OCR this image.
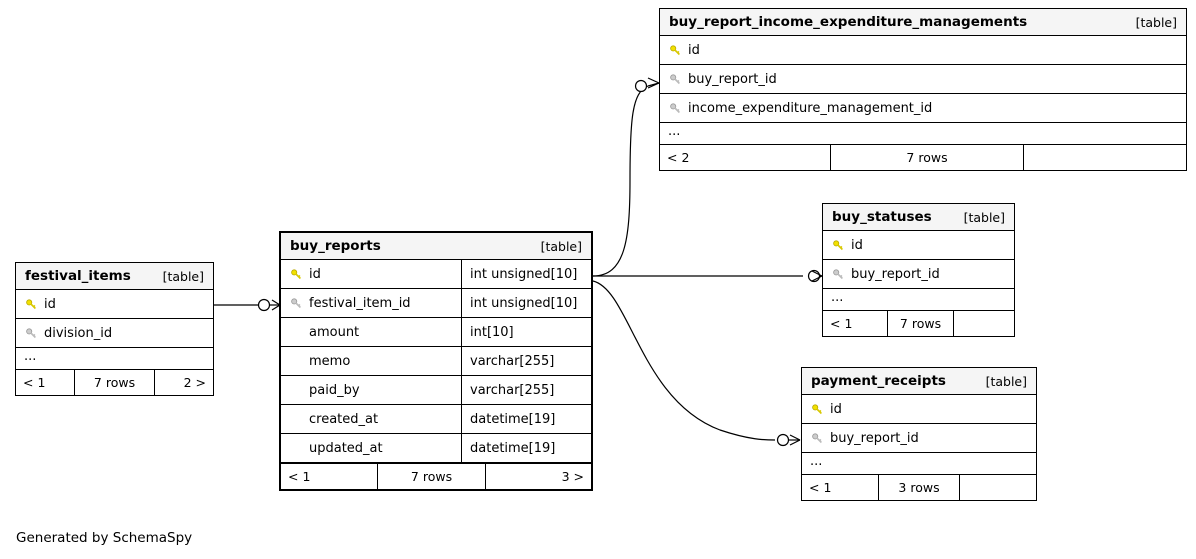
buy_report_income_expenditure_managements	[table]
id
buy_report_id
income_expenditure_management_id
...
< 2	7 rows
buy_statuses	[table]
id
buy_report_id
...
< 1	7 rows
payment_receipts	[table]
id
buy_report_id
...
< 1	3 rows
buy_reports	[table]
id	int unsigned[10]
festival_item_id	int unsigned[10]
amount	int[10]
memo	varchar[255]
paid_by	varchar[255]
created_at	datetime[19]
updated_at	datetime[19]
< 1	7 rows	3 >
festival_items	[table]
id
division_id
...
< 1	7 rows	2 >
Generated by SchemaSpy
